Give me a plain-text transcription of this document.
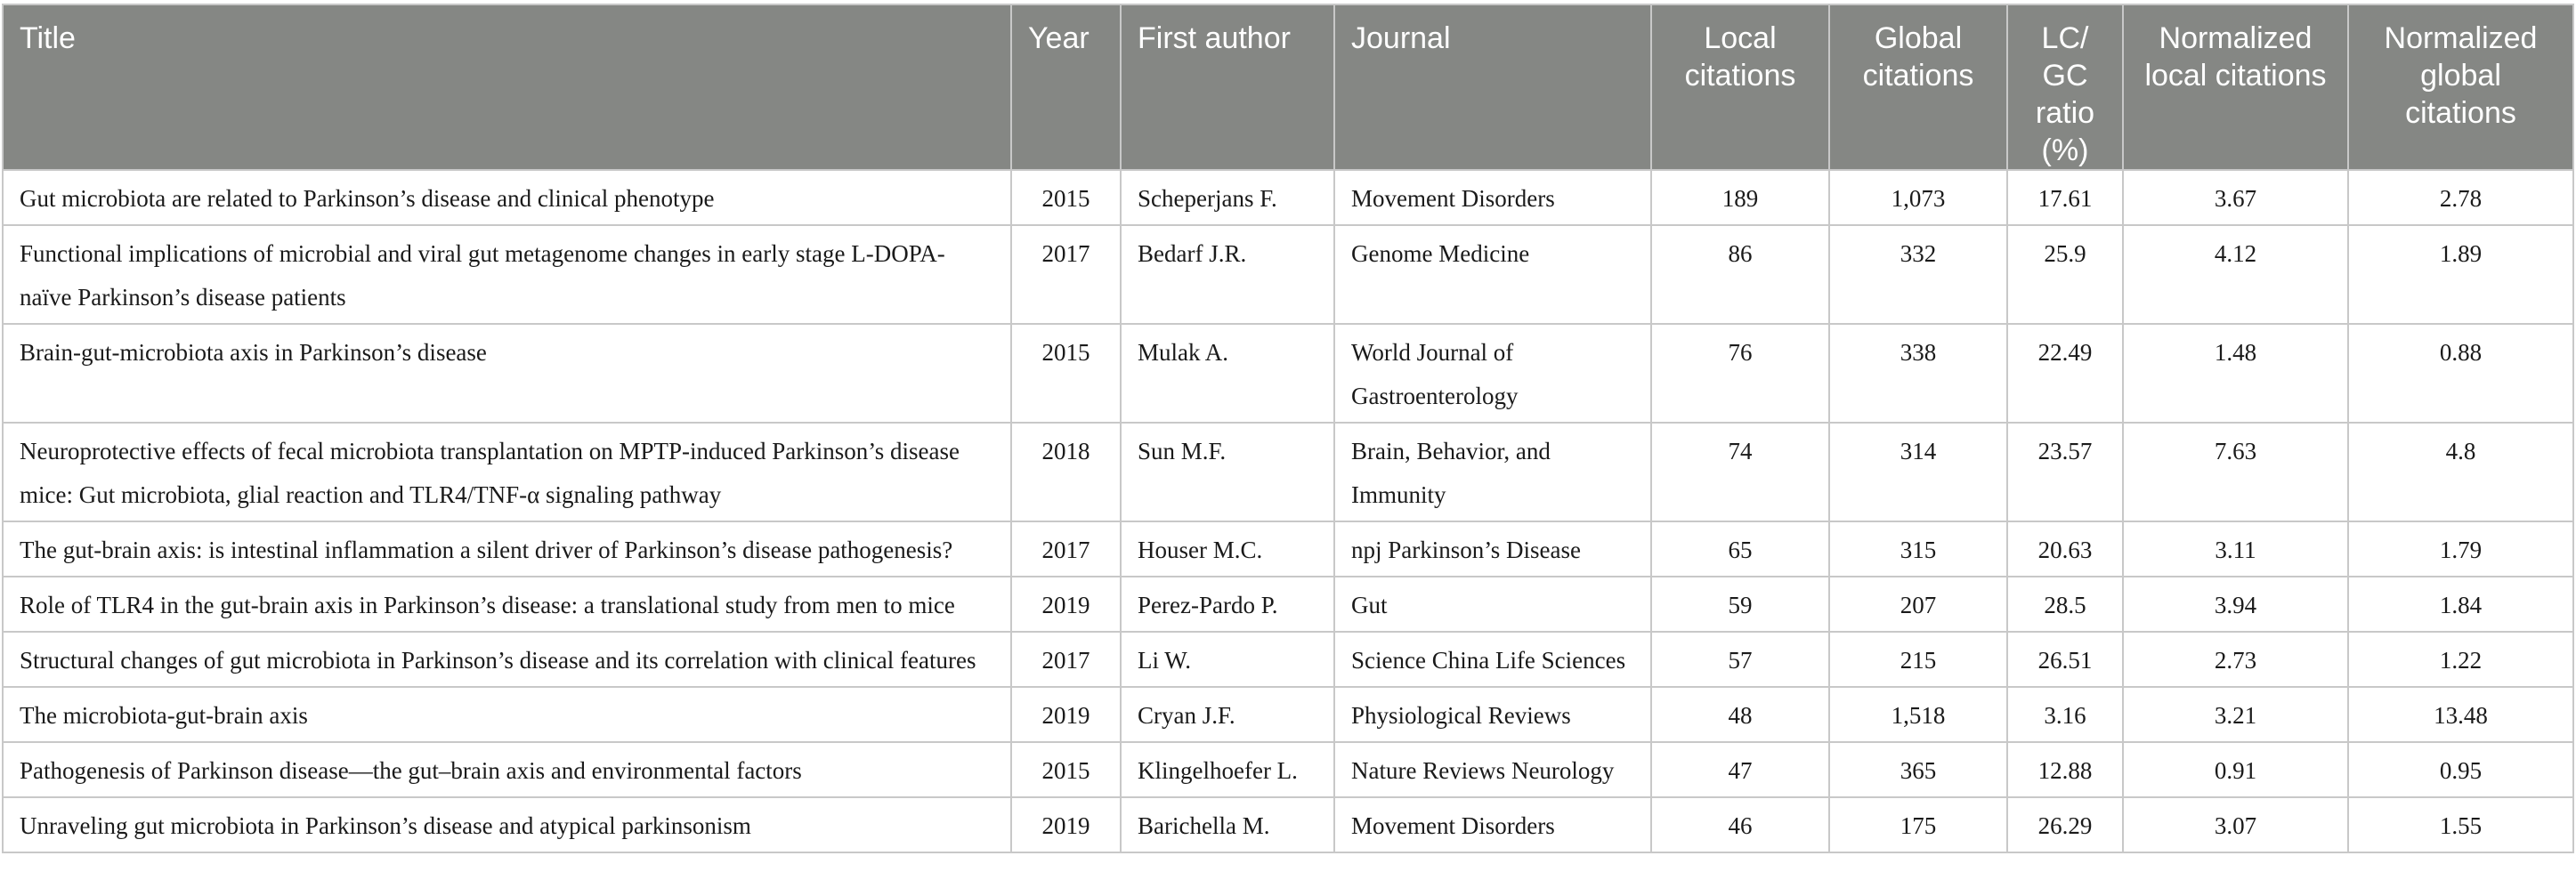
Title	Year	First author	Journal	Local citations	Global citations	LC/ GC ratio (%)	Normalized local citations	Normalized global citations
Gut microbiota are related to Parkinson’s disease and clinical phenotype	2015	Scheperjans F.	Movement Disorders	189	1,073	17.61	3.67	2.78
Functional implications of microbial and viral gut metagenome changes in early stage L-DOPA-naïve Parkinson’s disease patients	2017	Bedarf J.R.	Genome Medicine	86	332	25.9	4.12	1.89
Brain-gut-microbiota axis in Parkinson’s disease	2015	Mulak A.	World Journal of Gastroenterology	76	338	22.49	1.48	0.88
Neuroprotective effects of fecal microbiota transplantation on MPTP-induced Parkinson’s disease mice: Gut microbiota, glial reaction and TLR4/TNF-α signaling pathway	2018	Sun M.F.	Brain, Behavior, and Immunity	74	314	23.57	7.63	4.8
The gut-brain axis: is intestinal inflammation a silent driver of Parkinson’s disease pathogenesis?	2017	Houser M.C.	npj Parkinson’s Disease	65	315	20.63	3.11	1.79
Role of TLR4 in the gut-brain axis in Parkinson’s disease: a translational study from men to mice	2019	Perez-Pardo P.	Gut	59	207	28.5	3.94	1.84
Structural changes of gut microbiota in Parkinson’s disease and its correlation with clinical features	2017	Li W.	Science China Life Sciences	57	215	26.51	2.73	1.22
The microbiota-gut-brain axis	2019	Cryan J.F.	Physiological Reviews	48	1,518	3.16	3.21	13.48
Pathogenesis of Parkinson disease—the gut–brain axis and environmental factors	2015	Klingelhoefer L.	Nature Reviews Neurology	47	365	12.88	0.91	0.95
Unraveling gut microbiota in Parkinson’s disease and atypical parkinsonism	2019	Barichella M.	Movement Disorders	46	175	26.29	3.07	1.55
